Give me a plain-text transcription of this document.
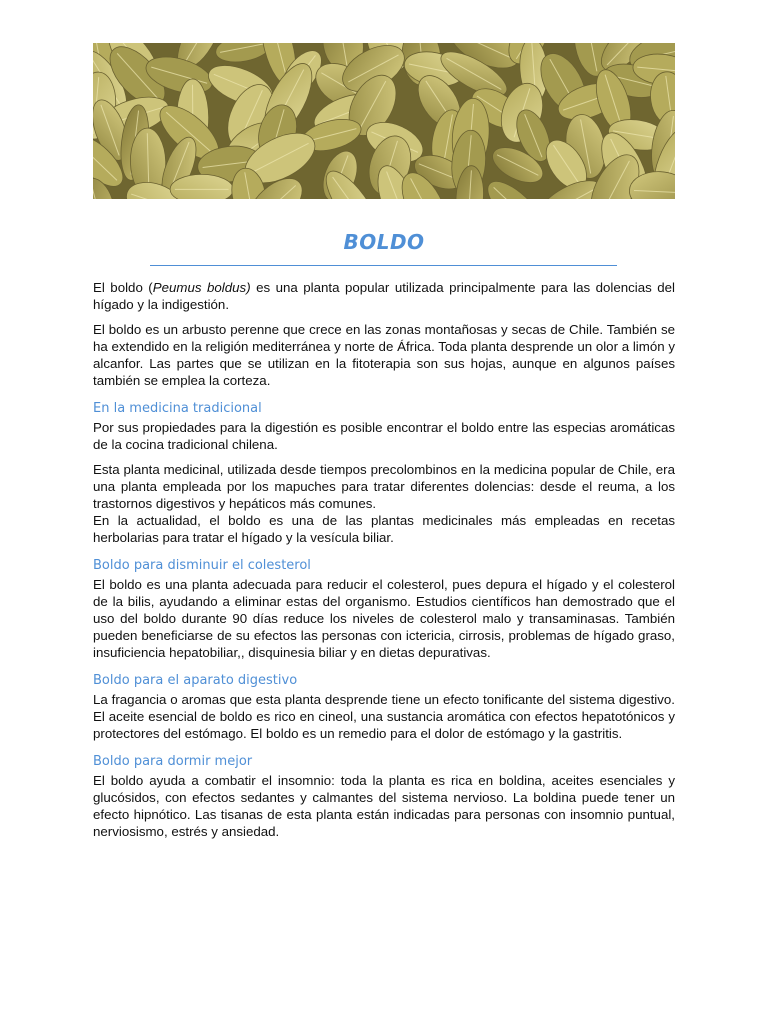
BOLDO

El boldo (Peumus boldus) es una planta popular utilizada principalmente para las dolencias del hígado y la indigestión.

El boldo es un arbusto perenne que crece en las zonas montañosas y secas de Chile. También se ha extendido en la religión mediterránea y norte de África. Toda planta desprende un olor a limón y alcanfor. Las partes que se utilizan en la fitoterapia son sus hojas, aunque en algunos países también se emplea la corteza.

En la medicina tradicional

Por sus propiedades para la digestión es posible encontrar el boldo entre las especias aromáticas de la cocina tradicional chilena.

Esta planta medicinal, utilizada desde tiempos precolombinos en la medicina popular de Chile, era una planta empleada por los mapuches para tratar diferentes dolencias: desde el reuma, a los trastornos digestivos y hepáticos más comunes.

En la actualidad, el boldo es una de las plantas medicinales más empleadas en recetas herbolarias para tratar el hígado y la vesícula biliar.

Boldo para disminuir el colesterol

El boldo es una planta adecuada para reducir el colesterol, pues depura el hígado y el colesterol de la bilis, ayudando a eliminar estas del organismo. Estudios científicos han demostrado que el uso del boldo durante 90 días reduce los niveles de colesterol malo y transaminasas. También pueden beneficiarse de su efectos las personas con ictericia, cirrosis, problemas de hígado graso, insuficiencia hepatobiliar,, disquinesia biliar y en dietas depurativas.

Boldo para el aparato digestivo

La fragancia o aromas que esta planta desprende tiene un efecto tonificante del sistema digestivo. El aceite esencial de boldo es rico en cineol, una sustancia aromática con efectos hepatotónicos y protectores del estómago. El boldo es un remedio para el dolor de estómago y la gastritis.

Boldo para dormir mejor

El boldo ayuda a combatir el insomnio: toda la planta es rica en boldina, aceites esenciales y glucósidos, con efectos sedantes y calmantes del sistema nervioso. La boldina puede tener un efecto hipnótico. Las tisanas de esta planta están indicadas para personas con insomnio puntual, nerviosismo, estrés y ansiedad.
